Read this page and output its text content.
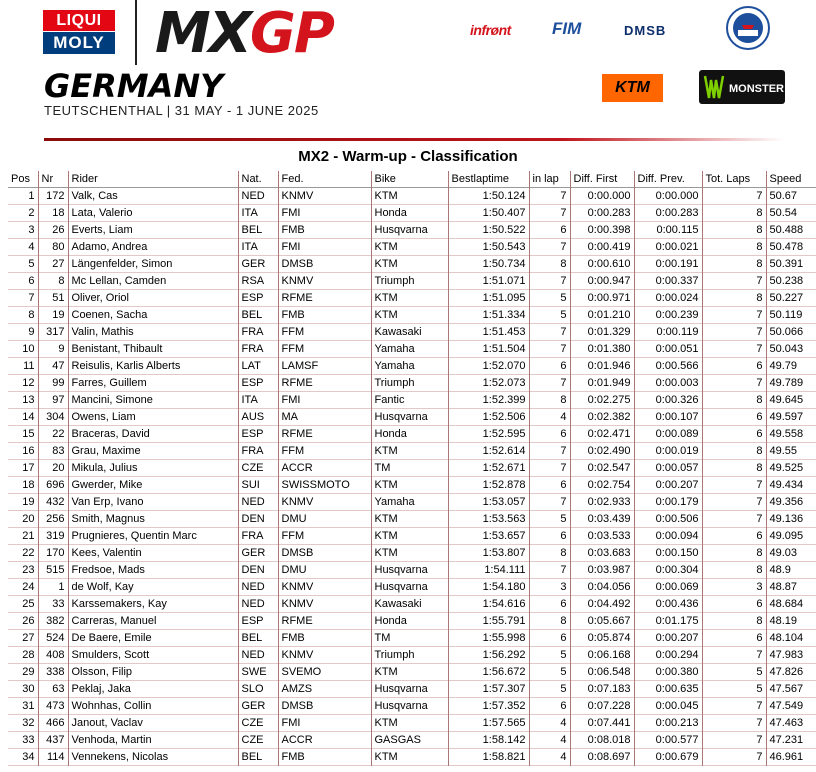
LIQUI
MOLY MXGP
GERMANY
TEUTSCHENTHAL | 31 MAY - 1 JUNE 2025
infrønt FIM	DMSB
KTM	MONSTER
MX2 - Warm-up - Classification
Pos	Nr	Rider	Nat.	Fed.	Bike	Bestlaptime	in lap	Diff. First	Diff. Prev.	Tot. Laps	Speed
1	172	Valk, Cas	NED	KNMV	KTM	1:50.124	7	0:00.000	0:00.000	7	50.67
2	18	Lata, Valerio	ITA	FMI	Honda	1:50.407	7	0:00.283	0:00.283	8	50.54
3	26	Everts, Liam	BEL	FMB	Husqvarna	1:50.522	6	0:00.398	0:00.115	8	50.488
4	80	Adamo, Andrea	ITA	FMI	KTM	1:50.543	7	0:00.419	0:00.021	8	50.478
5	27	Längenfelder, Simon	GER	DMSB	KTM	1:50.734	8	0:00.610	0:00.191	8	50.391
6	8	Mc Lellan, Camden	RSA	KNMV	Triumph	1:51.071	7	0:00.947	0:00.337	7	50.238
7	51	Oliver, Oriol	ESP	RFME	KTM	1:51.095	5	0:00.971	0:00.024	8	50.227
8	19	Coenen, Sacha	BEL	FMB	KTM	1:51.334	5	0:01.210	0:00.239	7	50.119
9	317	Valin, Mathis	FRA	FFM	Kawasaki	1:51.453	7	0:01.329	0:00.119	7	50.066
10	9	Benistant, Thibault	FRA	FFM	Yamaha	1:51.504	7	0:01.380	0:00.051	7	50.043
11	47	Reisulis, Karlis Alberts	LAT	LAMSF	Yamaha	1:52.070	6	0:01.946	0:00.566	6	49.79
12	99	Farres, Guillem	ESP	RFME	Triumph	1:52.073	7	0:01.949	0:00.003	7	49.789
13	97	Mancini, Simone	ITA	FMI	Fantic	1:52.399	8	0:02.275	0:00.326	8	49.645
14	304	Owens, Liam	AUS	MA	Husqvarna	1:52.506	4	0:02.382	0:00.107	6	49.597
15	22	Braceras, David	ESP	RFME	Honda	1:52.595	6	0:02.471	0:00.089	6	49.558
16	83	Grau, Maxime	FRA	FFM	KTM	1:52.614	7	0:02.490	0:00.019	8	49.55
17	20	Mikula, Julius	CZE	ACCR	TM	1:52.671	7	0:02.547	0:00.057	8	49.525
18	696	Gwerder, Mike	SUI	SWISSMOTO	KTM	1:52.878	6	0:02.754	0:00.207	7	49.434
19	432	Van Erp, Ivano	NED	KNMV	Yamaha	1:53.057	7	0:02.933	0:00.179	7	49.356
20	256	Smith, Magnus	DEN	DMU	KTM	1:53.563	5	0:03.439	0:00.506	7	49.136
21	319	Prugnieres, Quentin Marc	FRA	FFM	KTM	1:53.657	6	0:03.533	0:00.094	6	49.095
22	170	Kees, Valentin	GER	DMSB	KTM	1:53.807	8	0:03.683	0:00.150	8	49.03
23	515	Fredsoe, Mads	DEN	DMU	Husqvarna	1:54.111	7	0:03.987	0:00.304	8	48.9
24	1	de Wolf, Kay	NED	KNMV	Husqvarna	1:54.180	3	0:04.056	0:00.069	3	48.87
25	33	Karssemakers, Kay	NED	KNMV	Kawasaki	1:54.616	6	0:04.492	0:00.436	6	48.684
26	382	Carreras, Manuel	ESP	RFME	Honda	1:55.791	8	0:05.667	0:01.175	8	48.19
27	524	De Baere, Emile	BEL	FMB	TM	1:55.998	6	0:05.874	0:00.207	6	48.104
28	408	Smulders, Scott	NED	KNMV	Triumph	1:56.292	5	0:06.168	0:00.294	7	47.983
29	338	Olsson, Filip	SWE	SVEMO	KTM	1:56.672	5	0:06.548	0:00.380	5	47.826
30	63	Peklaj, Jaka	SLO	AMZS	Husqvarna	1:57.307	5	0:07.183	0:00.635	5	47.567
31	473	Wohnhas, Collin	GER	DMSB	Husqvarna	1:57.352	6	0:07.228	0:00.045	7	47.549
32	466	Janout, Vaclav	CZE	FMI	KTM	1:57.565	4	0:07.441	0:00.213	7	47.463
33	437	Venhoda, Martin	CZE	ACCR	GASGAS	1:58.142	4	0:08.018	0:00.577	7	47.231
34	114	Vennekens, Nicolas	BEL	FMB	KTM	1:58.821	4	0:08.697	0:00.679	7	46.961
